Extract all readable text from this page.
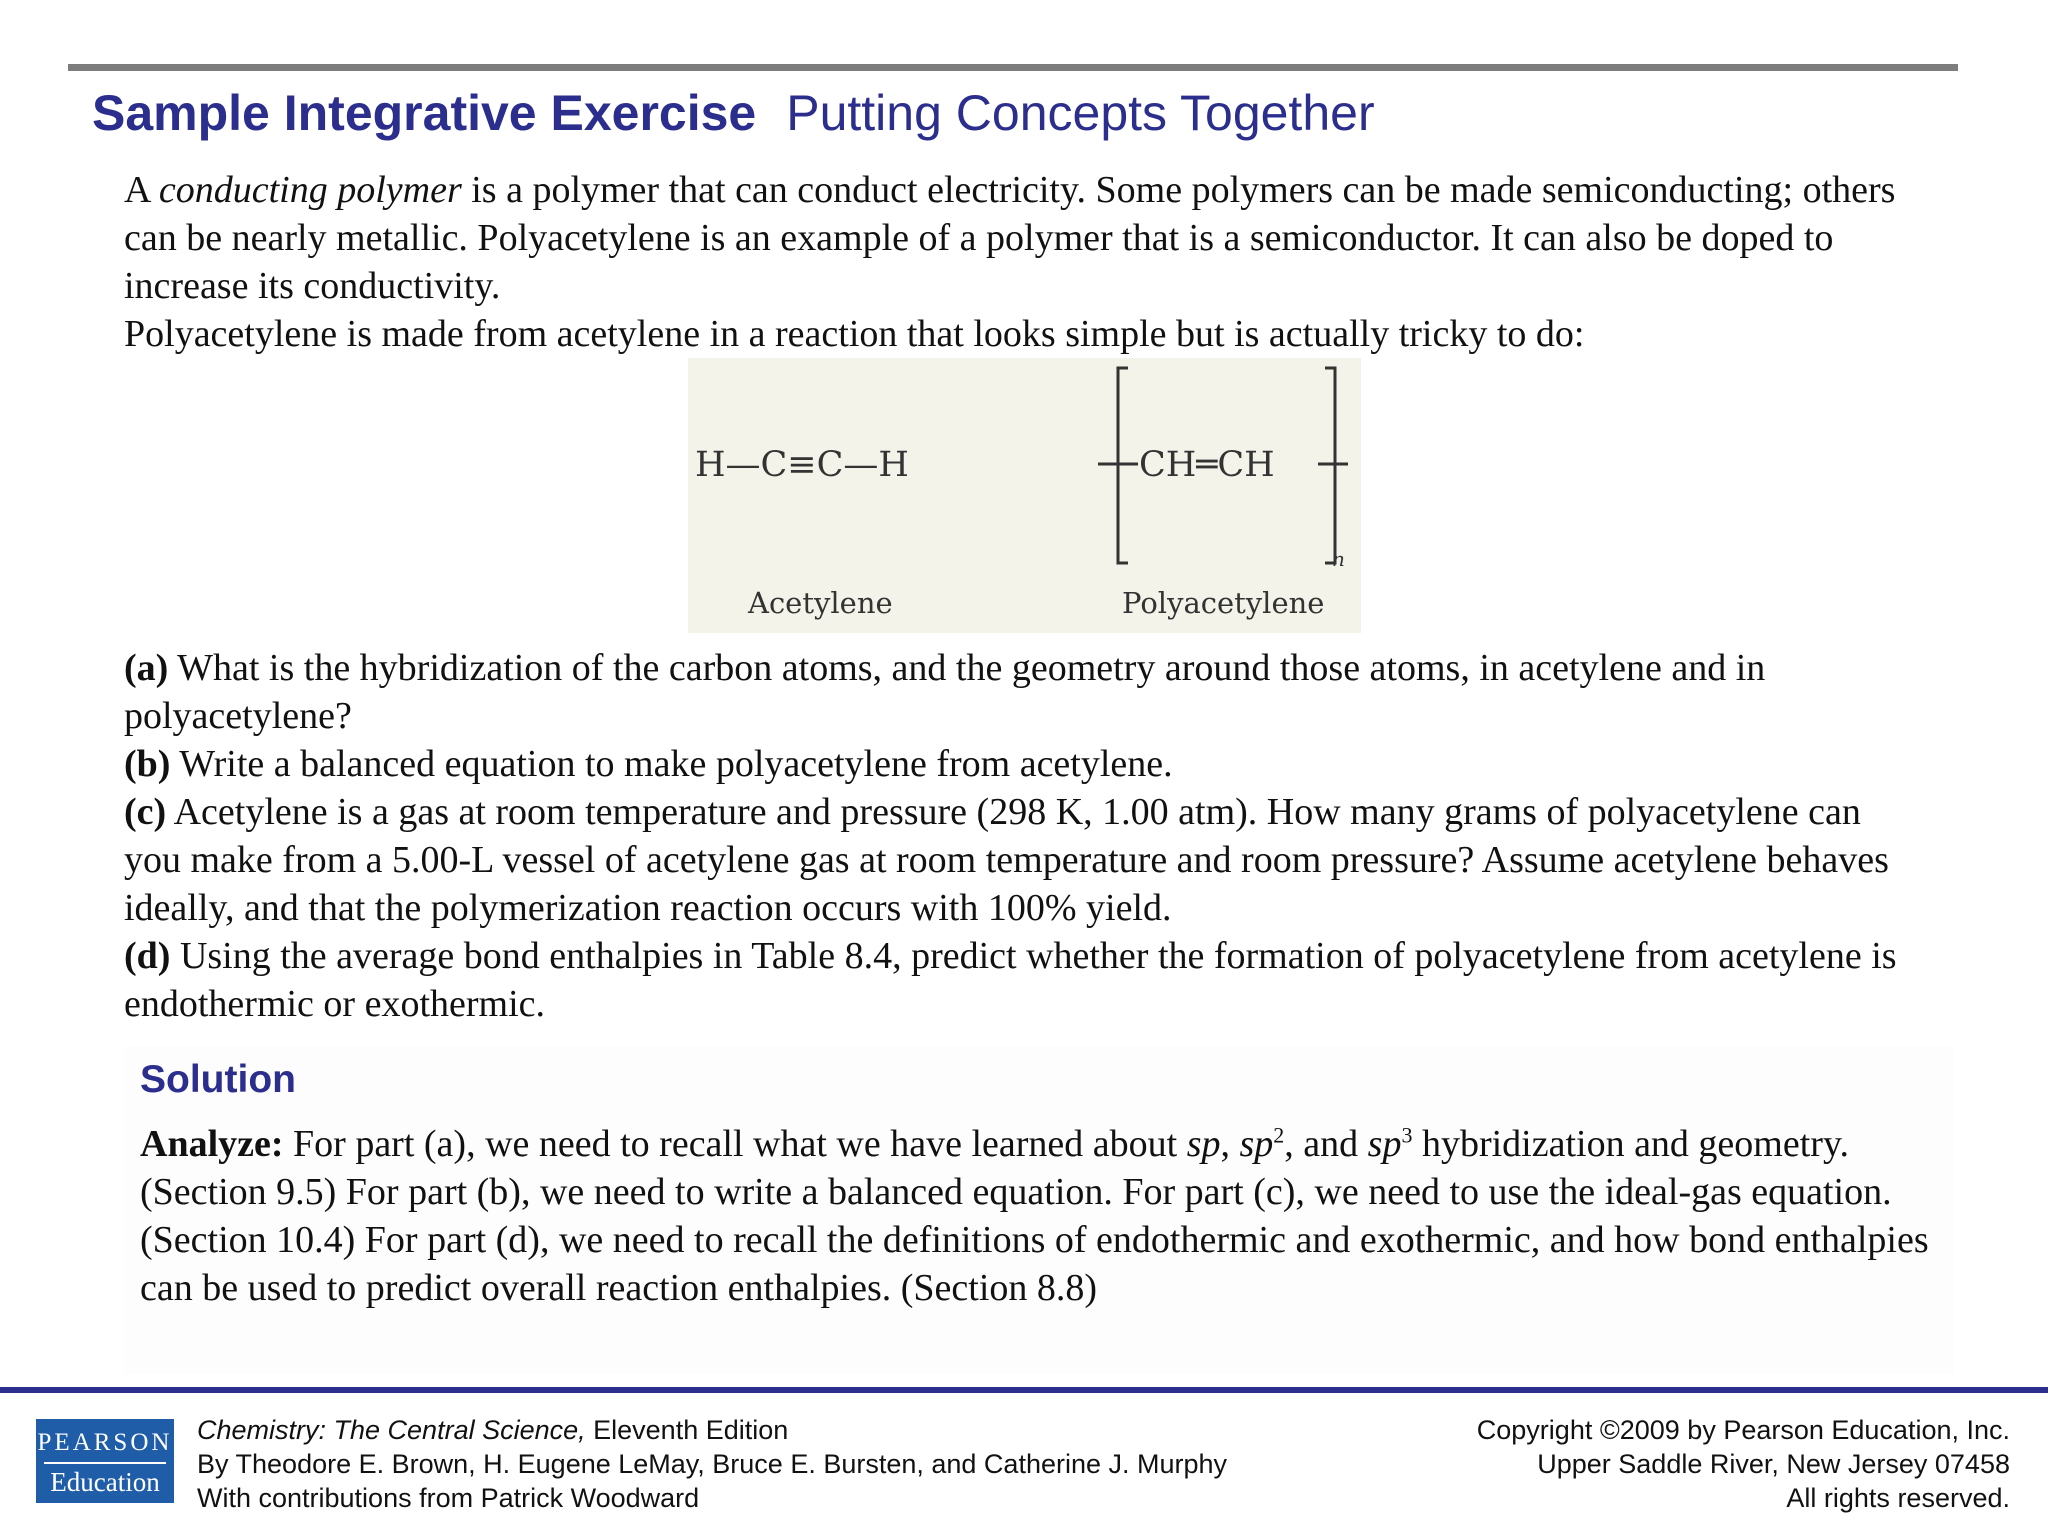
Sample Integrative Exercise Putting Concepts Together

A conducting polymer is a polymer that can conduct electricity. Some polymers can be made semiconducting; others can be nearly metallic. Polyacetylene is an example of a polymer that is a semiconductor. It can also be doped to increase its conductivity.

Polyacetylene is made from acetylene in a reaction that looks simple but is actually tricky to do:

H—C≡C—H	CH═CH
n
Acetylene	Polyacetylene

(a) What is the hybridization of the carbon atoms, and the geometry around those atoms, in acetylene and in polyacetylene?

(b) Write a balanced equation to make polyacetylene from acetylene.

(c) Acetylene is a gas at room temperature and pressure (298 K, 1.00 atm). How many grams of polyacetylene can you make from a 5.00-L vessel of acetylene gas at room temperature and room pressure? Assume acetylene behaves ideally, and that the polymerization reaction occurs with 100% yield.

(d) Using the average bond enthalpies in Table 8.4, predict whether the formation of polyacetylene from acetylene is endothermic or exothermic.

Solution

Analyze: For part (a), we need to recall what we have learned about sp, $sp^2$, and $sp^3$ hybridization and geometry. (Section 9.5) For part (b), we need to write a balanced equation. For part (c), we need to use the ideal-gas equation. (Section 10.4) For part (d), we need to recall the definitions of endothermic and exothermic, and how bond enthalpies can be used to predict overall reaction enthalpies. (Section 8.8)

PEARSON
Education
Chemistry: The Central Science, Eleventh Edition
By Theodore E. Brown, H. Eugene LeMay, Bruce E. Bursten, and Catherine J. Murphy
With contributions from Patrick Woodward
Copyright ©2009 by Pearson Education, Inc.
Upper Saddle River, New Jersey 07458
All rights reserved.
